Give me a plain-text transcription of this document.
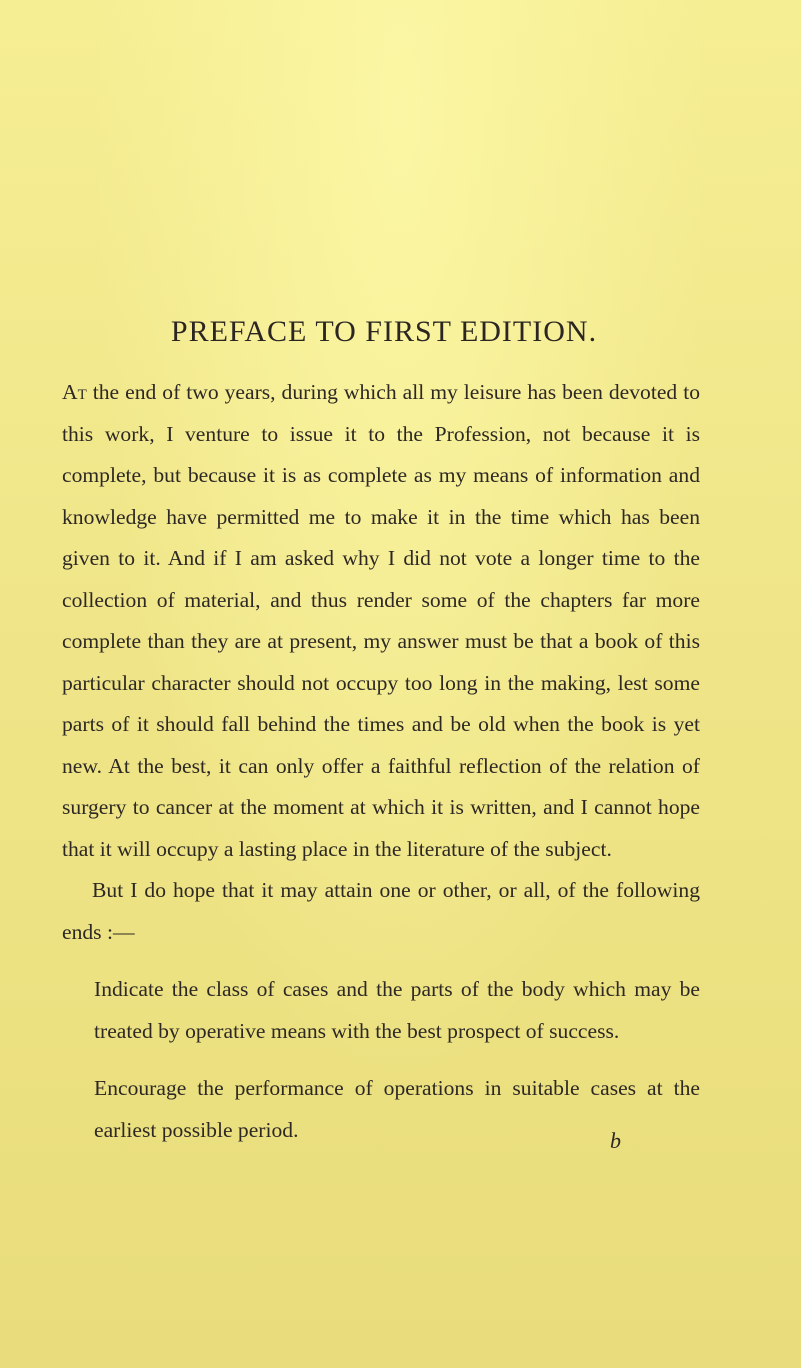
PREFACE TO FIRST EDITION.

At the end of two years, during which all my leisure has been devoted to this work, I venture to issue it to the Profession, not because it is complete, but because it is as complete as my means of information and knowledge have permitted me to make it in the time which has been given to it. And if I am asked why I did not vote a longer time to the collection of material, and thus render some of the chapters far more complete than they are at present, my answer must be that a book of this particular character should not occupy too long in the making, lest some parts of it should fall behind the times and be old when the book is yet new. At the best, it can only offer a faithful reflection of the relation of surgery to cancer at the moment at which it is written, and I cannot hope that it will occupy a lasting place in the literature of the subject.

But I do hope that it may attain one or other, or all, of the following ends :—

Indicate the class of cases and the parts of the body which may be treated by operative means with the best prospect of success.

Encourage the performance of operations in suitable cases at the earliest possible period.	b
